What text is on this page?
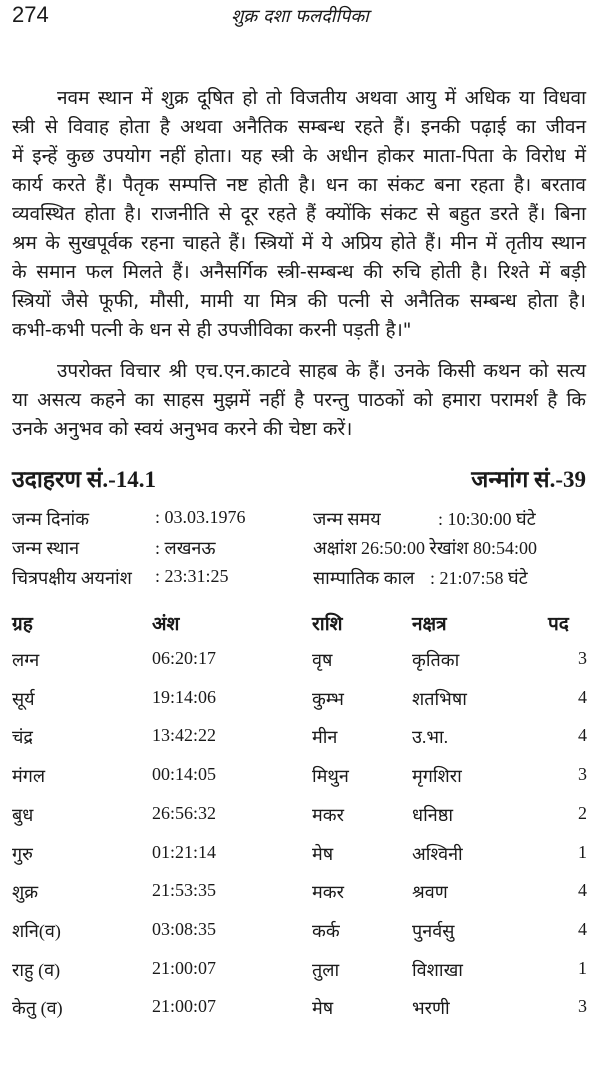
274	शुक्र दशा फलदीपिका
नवम स्थान में शुक्र दूषित हो तो विजतीय अथवा आयु में अधिक या विधवा
स्त्री से विवाह होता है अथवा अनैतिक सम्बन्ध रहते हैं। इनकी पढ़ाई का जीवन
में इन्हें कुछ उपयोग नहीं होता। यह स्त्री के अधीन होकर माता-पिता के विरोध में
कार्य करते हैं। पैतृक सम्पत्ति नष्ट होती है। धन का संकट बना रहता है। बरताव
व्यवस्थित होता है। राजनीति से दूर रहते हैं क्योंकि संकट से बहुत डरते हैं। बिना
श्रम के सुखपूर्वक रहना चाहते हैं। स्त्रियों में ये अप्रिय होते हैं। मीन में तृतीय स्थान
के समान फल मिलते हैं। अनैसर्गिक स्त्री-सम्बन्ध की रुचि होती है। रिश्ते में बड़ी
स्त्रियों जैसे फूफी, मौसी, मामी या मित्र की पत्नी से अनैतिक सम्बन्ध होता है।
कभी-कभी पत्नी के धन से ही उपजीविका करनी पड़ती है।"
उपरोक्त विचार श्री एच.एन.काटवे साहब के हैं। उनके किसी कथन को सत्य
या असत्य कहने का साहस मुझमें नहीं है परन्तु पाठकों को हमारा परामर्श है कि
उनके अनुभव को स्वयं अनुभव करने की चेष्टा करें।
उदाहरण सं.-14.1	जन्मांग सं.-39
जन्म दिनांक	: 03.03.1976	जन्म समय	: 10:30:00 घंटे
जन्म स्थान	: लखनऊ	अक्षांश 26:50:00 रेखांश 80:54:00
चित्रपक्षीय अयनांश : 23:31:25	साम्पातिक काल : 21:07:58 घंटे
ग्रह	अंश	राशि	नक्षत्र	पद
लग्न	06:20:17	वृष	कृतिका	3
सूर्य	19:14:06	कुम्भ	शतभिषा	4
चंद्र	13:42:22	मीन	उ.भा.	4
मंगल	00:14:05	मिथुन	मृगशिरा	3
बुध	26:56:32	मकर	धनिष्ठा	2
गुरु	01:21:14	मेष	अश्विनी	1
शुक्र	21:53:35	मकर	श्रवण	4
शनि(व)	03:08:35	कर्क	पुनर्वसु	4
राहु (व)	21:00:07	तुला	विशाखा	1
केतु (व)	21:00:07	मेष	भरणी	3
